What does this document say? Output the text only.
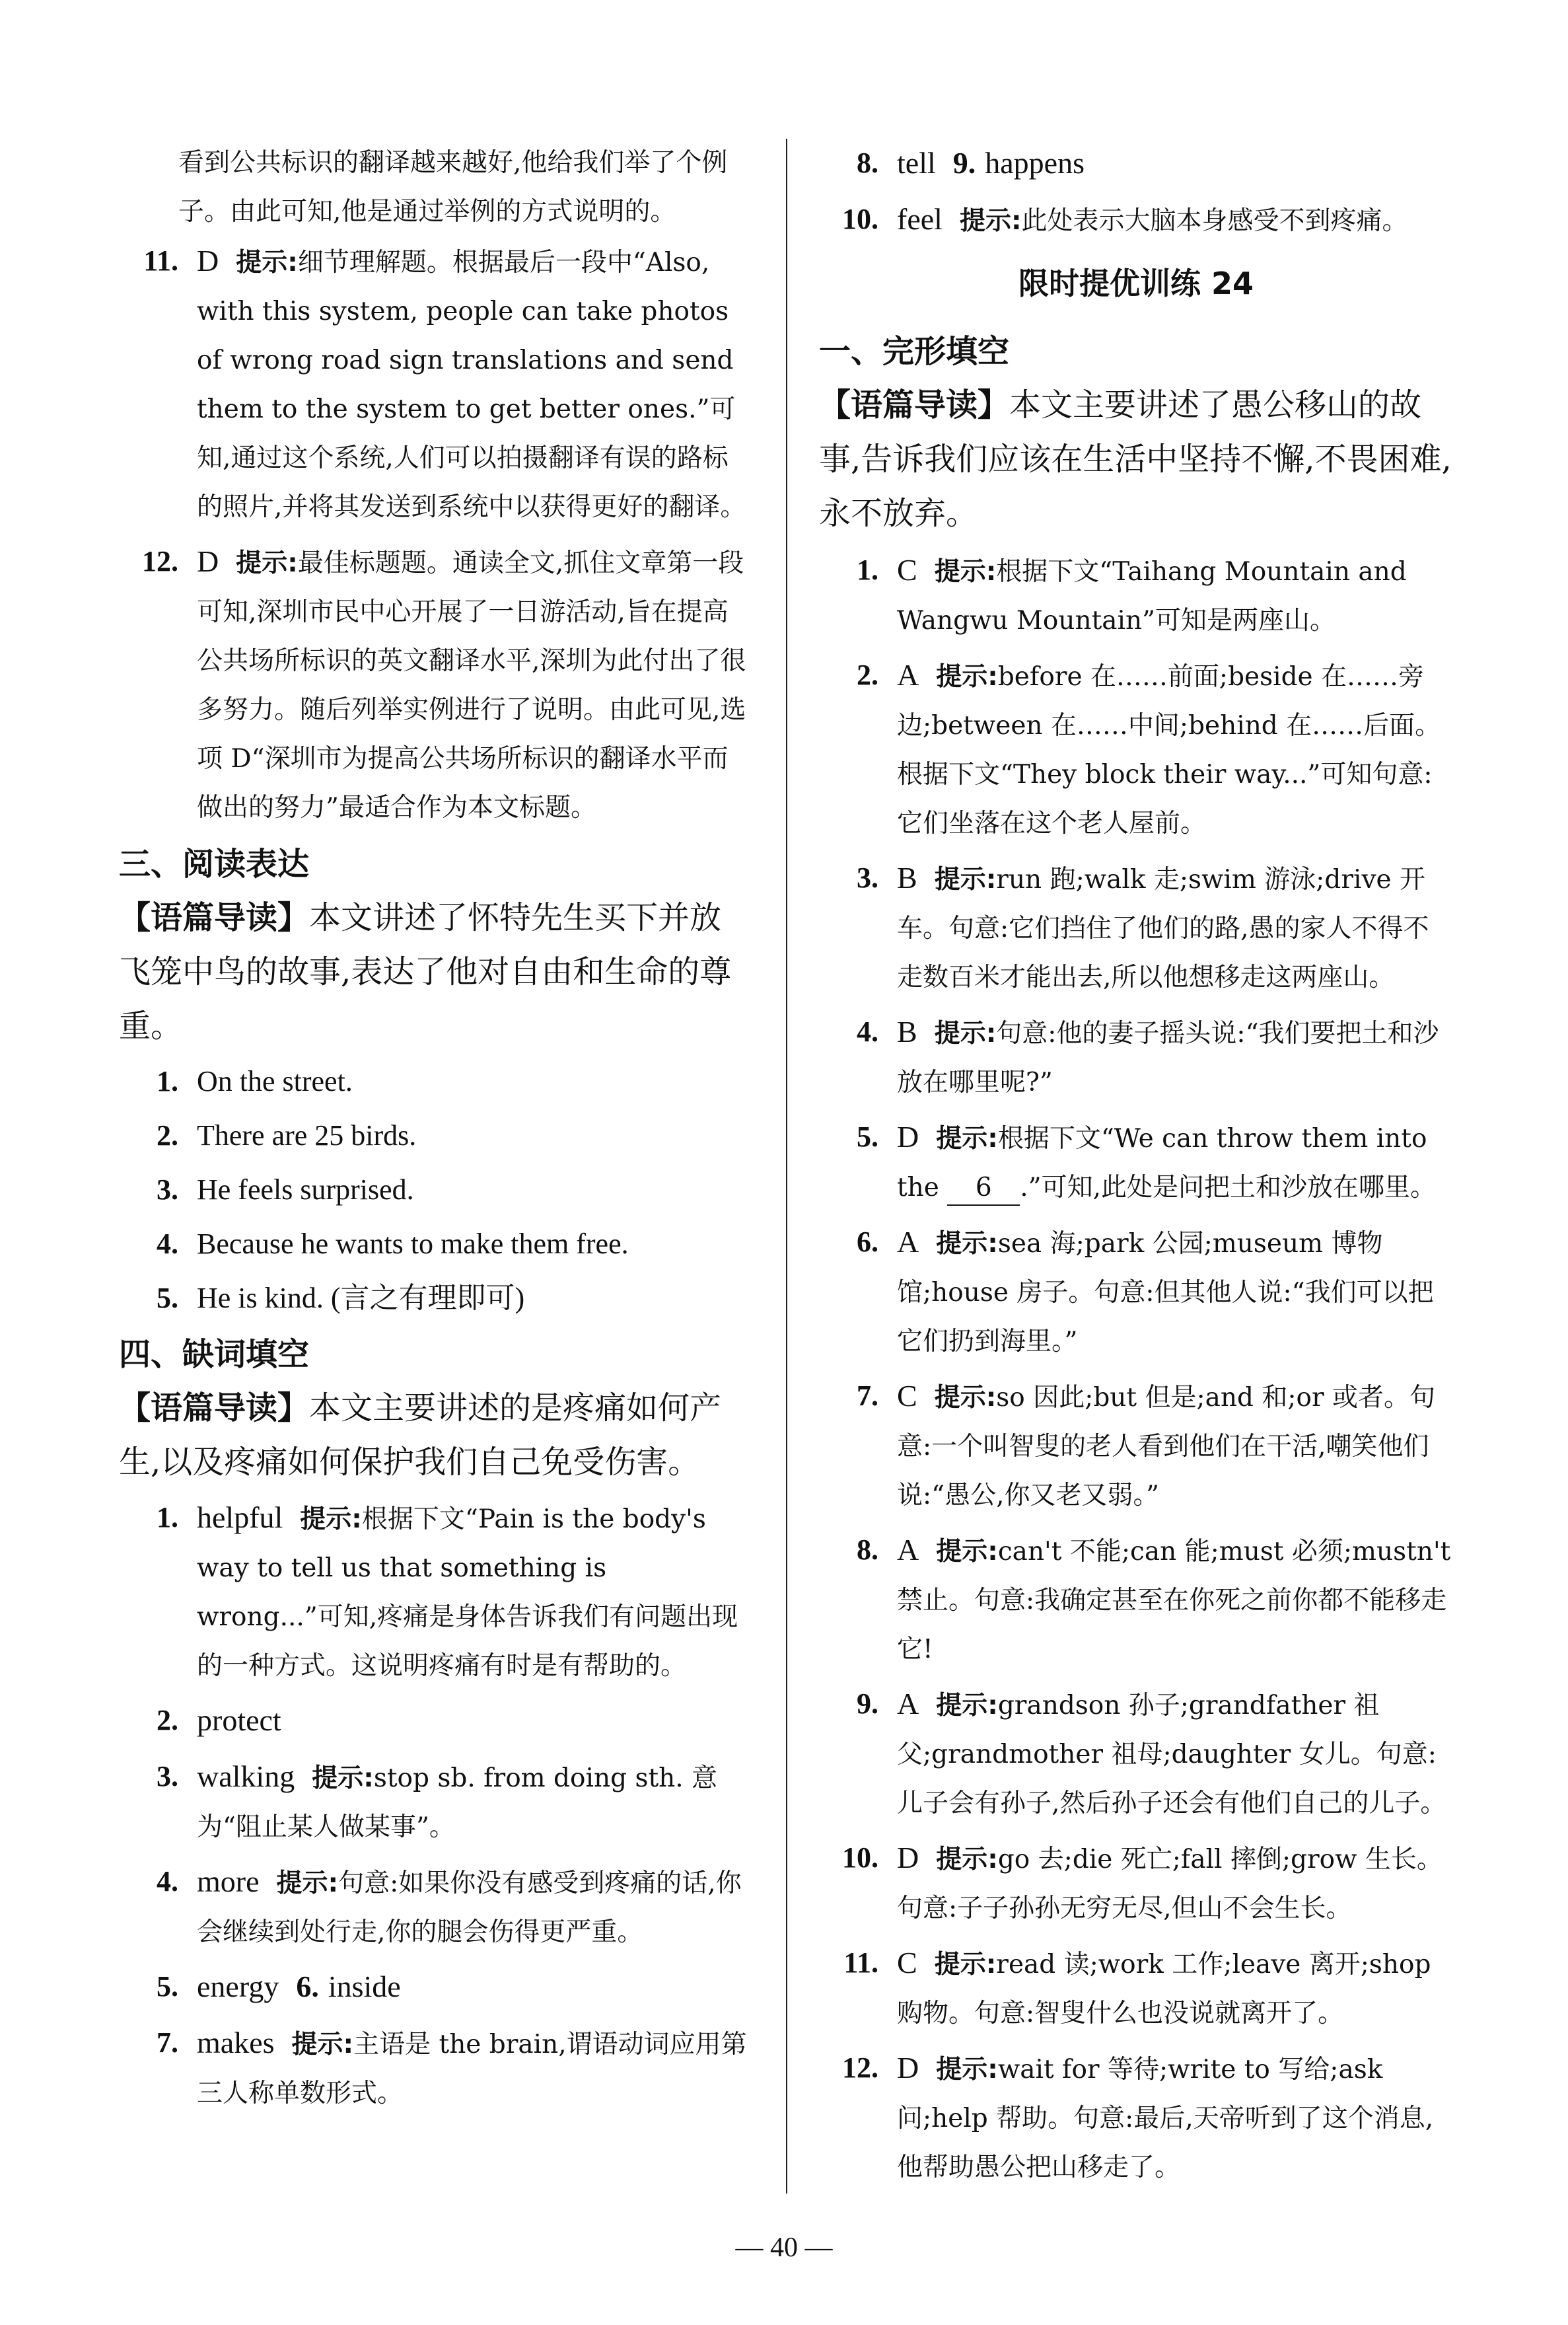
看到公共标识的翻译越来越好,他给我们举了个例子。由此可知,他是通过举例的方式说明的。

11. D 提示:细节理解题。根据最后一段中“Also, with this system, people can take photos of wrong road sign translations and send them to the system to get better ones.”可知,通过这个系统,人们可以拍摄翻译有误的路标的照片,并将其发送到系统中以获得更好的翻译。
12. D 提示:最佳标题题。通读全文,抓住文章第一段可知,深圳市民中心开展了一日游活动,旨在提高公共场所标识的英文翻译水平,深圳为此付出了很多努力。随后列举实例进行了说明。由此可见,选项 D“深圳市为提高公共场所标识的翻译水平而做出的努力”最适合作为本文标题。

三、阅读表达

【语篇导读】本文讲述了怀特先生买下并放飞笼中鸟的故事,表达了他对自由和生命的尊重。

1. On the street.
2. There are 25 birds.
3. He feels surprised.
4. Because he wants to make them free.
5. He is kind. (言之有理即可)

四、缺词填空

【语篇导读】本文主要讲述的是疼痛如何产生,以及疼痛如何保护我们自己免受伤害。

1. helpful 提示:根据下文“Pain is the body's way to tell us that something is wrong...”可知,疼痛是身体告诉我们有问题出现的一种方式。这说明疼痛有时是有帮助的。
2. protect
3. walking 提示:stop sb. from doing sth. 意为“阻止某人做某事”。
4. more 提示:句意:如果你没有感受到疼痛的话,你会继续到处行走,你的腿会伤得更严重。
5. energy 6. inside
7. makes 提示:主语是 the brain,谓语动词应用第三人称单数形式。
8. tell 9. happens
10. feel 提示:此处表示大脑本身感受不到疼痛。

限时提优训练 24

一、完形填空

【语篇导读】本文主要讲述了愚公移山的故事,告诉我们应该在生活中坚持不懈,不畏困难,永不放弃。

1. C 提示:根据下文“Taihang Mountain and Wangwu Mountain”可知是两座山。
2. A 提示:before 在……前面;beside 在……旁边;between 在……中间;behind 在……后面。根据下文“They block their way...”可知句意:它们坐落在这个老人屋前。
3. B 提示:run 跑;walk 走;swim 游泳;drive 开车。句意:它们挡住了他们的路,愚的家人不得不走数百米才能出去,所以他想移走这两座山。
4. B 提示:句意:他的妻子摇头说:“我们要把土和沙放在哪里呢?”
5. D 提示:根据下文“We can throw them into the 6 .”可知,此处是问把土和沙放在哪里。
6. A 提示:sea 海;park 公园;museum 博物馆;house 房子。句意:但其他人说:“我们可以把它们扔到海里。”
7. C 提示:so 因此;but 但是;and 和;or 或者。句意:一个叫智叟的老人看到他们在干活,嘲笑他们说:“愚公,你又老又弱。”
8. A 提示:can't 不能;can 能;must 必须;mustn't 禁止。句意:我确定甚至在你死之前你都不能移走它!
9. A 提示:grandson 孙子;grandfather 祖父;grandmother 祖母;daughter 女儿。句意:儿子会有孙子,然后孙子还会有他们自己的儿子。
10. D 提示:go 去;die 死亡;fall 摔倒;grow 生长。句意:子子孙孙无穷无尽,但山不会生长。
11. C 提示:read 读;work 工作;leave 离开;shop 购物。句意:智叟什么也没说就离开了。
12. D 提示:wait for 等待;write to 写给;ask 问;help 帮助。句意:最后,天帝听到了这个消息,他帮助愚公把山移走了。
— 40 —
